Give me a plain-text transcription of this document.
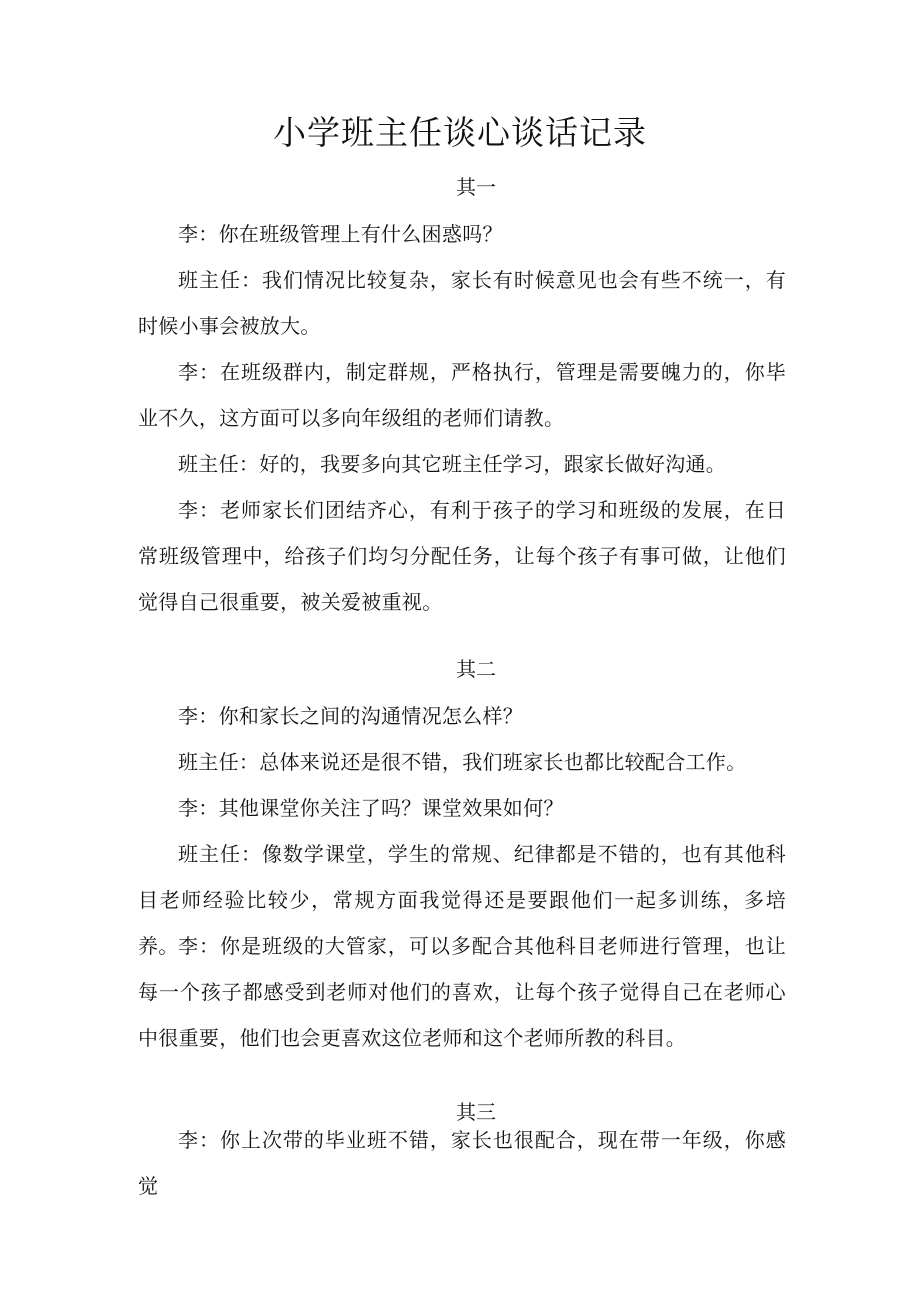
小学班主任谈心谈话记录
其一
李：你在班级管理上有什么困惑吗？
班主任：我们情况比较复杂，家长有时候意见也会有些不统一，有时候小事会被放大。
李：在班级群内，制定群规，严格执行，管理是需要魄力的，你毕业不久，这方面可以多向年级组的老师们请教。
班主任：好的，我要多向其它班主任学习，跟家长做好沟通。
李：老师家长们团结齐心，有利于孩子的学习和班级的发展，在日常班级管理中，给孩子们均匀分配任务，让每个孩子有事可做，让他们觉得自己很重要，被关爱被重视。
其二
李：你和家长之间的沟通情况怎么样？
班主任：总体来说还是很不错，我们班家长也都比较配合工作。
李：其他课堂你关注了吗？课堂效果如何？
班主任：像数学课堂，学生的常规、纪律都是不错的，也有其他科目老师经验比较少，常规方面我觉得还是要跟他们一起多训练，多培养。 李：你是班级的大管家，可以多配合其他科目老师进行管理，也让每一个孩子都感受到老师对他们的喜欢，让每个孩子觉得自己在老师心中很重要，他们也会更喜欢这位老师和这个老师所教的科目。
其三
李：你上次带的毕业班不错，家长也很配合，现在带一年级，你感觉
